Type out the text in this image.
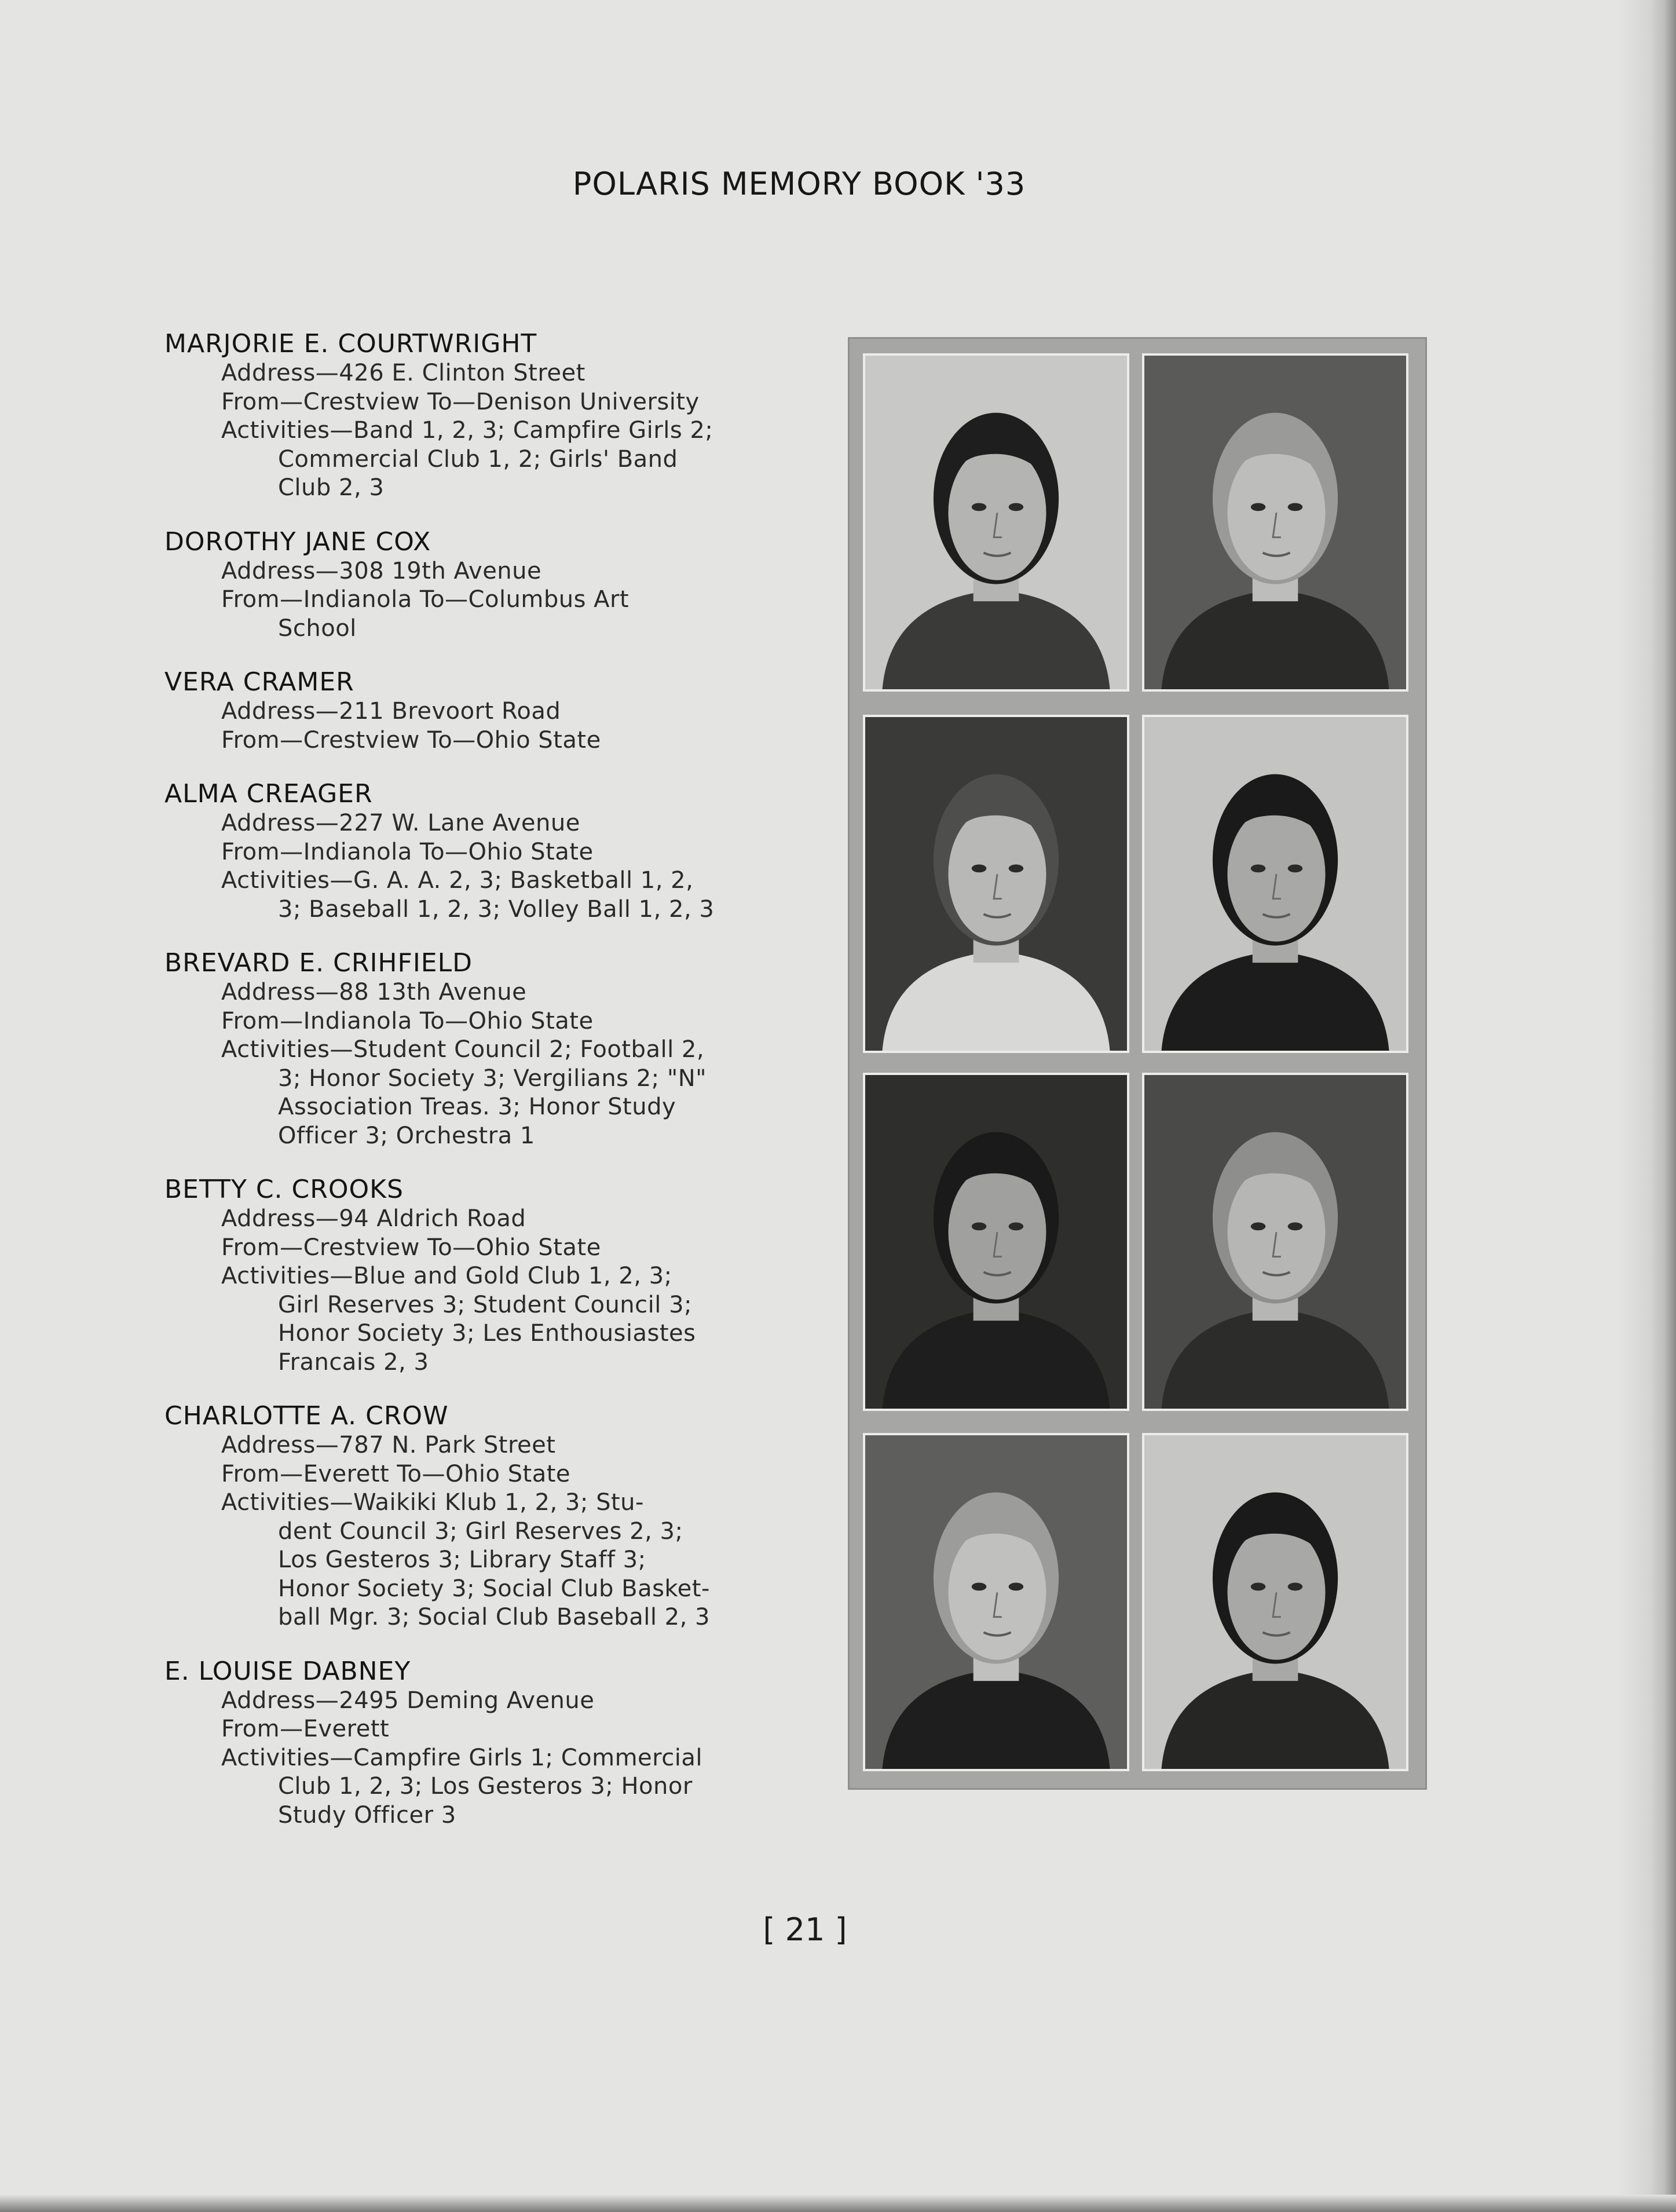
POLARIS MEMORY BOOK '33
MARJORIE E. COURTWRIGHT
Address—426 E. Clinton Street
From—Crestview To—Denison University
Activities—Band 1, 2, 3; Campfire Girls 2;
Commercial Club 1, 2; Girls' Band
Club 2, 3
DOROTHY JANE COX
Address—308 19th Avenue
From—Indianola To—Columbus Art
School
VERA CRAMER
Address—211 Brevoort Road
From—Crestview To—Ohio State
ALMA CREAGER
Address—227 W. Lane Avenue
From—Indianola To—Ohio State
Activities—G. A. A. 2, 3; Basketball 1, 2,
3; Baseball 1, 2, 3; Volley Ball 1, 2, 3
BREVARD E. CRIHFIELD
Address—88 13th Avenue
From—Indianola To—Ohio State
Activities—Student Council 2; Football 2,
3; Honor Society 3; Vergilians 2; "N"
Association Treas. 3; Honor Study
Officer 3; Orchestra 1
BETTY C. CROOKS
Address—94 Aldrich Road
From—Crestview To—Ohio State
Activities—Blue and Gold Club 1, 2, 3;
Girl Reserves 3; Student Council 3;
Honor Society 3; Les Enthousiastes
Francais 2, 3
CHARLOTTE A. CROW
Address—787 N. Park Street
From—Everett To—Ohio State
Activities—Waikiki Klub 1, 2, 3; Stu-
dent Council 3; Girl Reserves 2, 3;
Los Gesteros 3; Library Staff 3;
Honor Society 3; Social Club Basket-
ball Mgr. 3; Social Club Baseball 2, 3
E. LOUISE DABNEY
Address—2495 Deming Avenue
From—Everett
Activities—Campfire Girls 1; Commercial
Club 1, 2, 3; Los Gesteros 3; Honor
Study Officer 3
[ 21 ]
